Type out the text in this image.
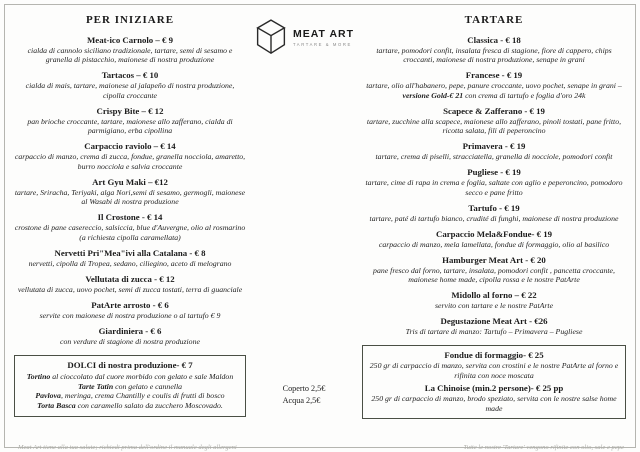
PER INIZIARE
Meat-ico Carnolo – € 9
cialda di cannolo siciliano tradizionale, tartare, semi di sesamo e granella di pistacchio, maionese di nostra produzione
Tartacos – € 10
cialda di mais, tartare, maionese al jalapeño di nostra produzione, cipolla croccante
Crispy Bite – € 12
pan brioche croccante, tartare, maionese allo zafferano, cialda di parmigiano, erba cipollina
Carpaccio raviolo – € 14
carpaccio di manzo, crema di zucca, fondue, granella nocciola, amaretto, burro nocciola e salvia croccante
Art Gyu Maki – €12
tartare, Sriracha, Teriyaki, alga Nori,semi di sesamo, germogli, maionese al Wasabi di nostra produzione
Il Crostone - € 14
crostone di pane casereccio, salsiccia, blue d'Auvergne, olio al rosmarino (a richiesta cipolla caramellata)
Nervetti Pri"Mea"ivi alla Catalana - € 8
nervetti, cipolla di Tropea, sedano, ciliegino, aceto di melograno
Vellutata di zucca - € 12
vellutata di zucca, uovo pochet, semi di zucca tostati, terra di guanciale
PatArte arrosto - € 6
servite con maionese di nostra produzione o al tartufo € 9
Giardiniera - € 6
con verdure di stagione di nostra produzione
DOLCI di nostra produzione- € 7
Tortino al cioccolato dal cuore morbido con gelato e sale Maldon
Tarte Tatin con gelato e cannella
Pavlova, meringa, crema Chantilly e coulis di frutti di bosco
Torta Basca con caramello salato da zucchero Moscovado.
MEAT ART
TARTARE & MORE
Coperto 2,5€
Acqua 2,5€
TARTARE
Classica - € 18
tartare, pomodori confit, insalata fresca di stagione, fiore di cappero, chips croccanti, maionese di nostra produzione, senape in grani
Francese - € 19
tartare, olio all'habanero, pepe, panure croccante, uovo pochet, senape in grani – versione Gold-€ 21 con crema di tartufo e foglia d'oro 24k
Scapece & Zafferano - € 19
tartare, zucchine alla scapece, maionese allo zafferano, pinoli tostati, pane fritto, ricotta salata, fili di peperoncino
Primavera - € 19
tartare, crema di piselli, stracciatella, granella di nocciole, pomodori confit
Pugliese - € 19
tartare, cime di rapa in crema e foglia, saltate con aglio e peperoncino, pomodoro secco e pane fritto
Tartufo - € 19
tartare, paté di tartufo bianco, crudité di funghi, maionese di nostra produzione
Carpaccio Mela&Fondue- € 19
carpaccio di manzo, mela lamellata, fondue di formaggio, olio al basilico
Hamburger Meat Art - € 20
pane fresco dal forno, tartare, insalata, pomodori confit , pancetta croccante, maionese home made, cipolla rossa e le nostre PatArte
Midollo al forno – € 22
servito con tartare e le nostre PatArte
Degustazione Meat Art - €26
Tris di tartare di manzo: Tartufo – Primavera – Pugliese
Fondue di formaggio- € 25
250 gr di carpaccio di manzo, servita con crostini e le nostre PatArte al forno e rifinita con noce moscata
La Chinoise (min.2 persone)- € 25 pp
250 gr di carpaccio di manzo, brodo speziato, servita con le nostre salse home made
Meat Art tiene alla tua salute; richiedi prima dell'ordine il manuale degli allergeni	Tutte le nostre 'Tartare' vengono rifinite con olio, sale e pepe
